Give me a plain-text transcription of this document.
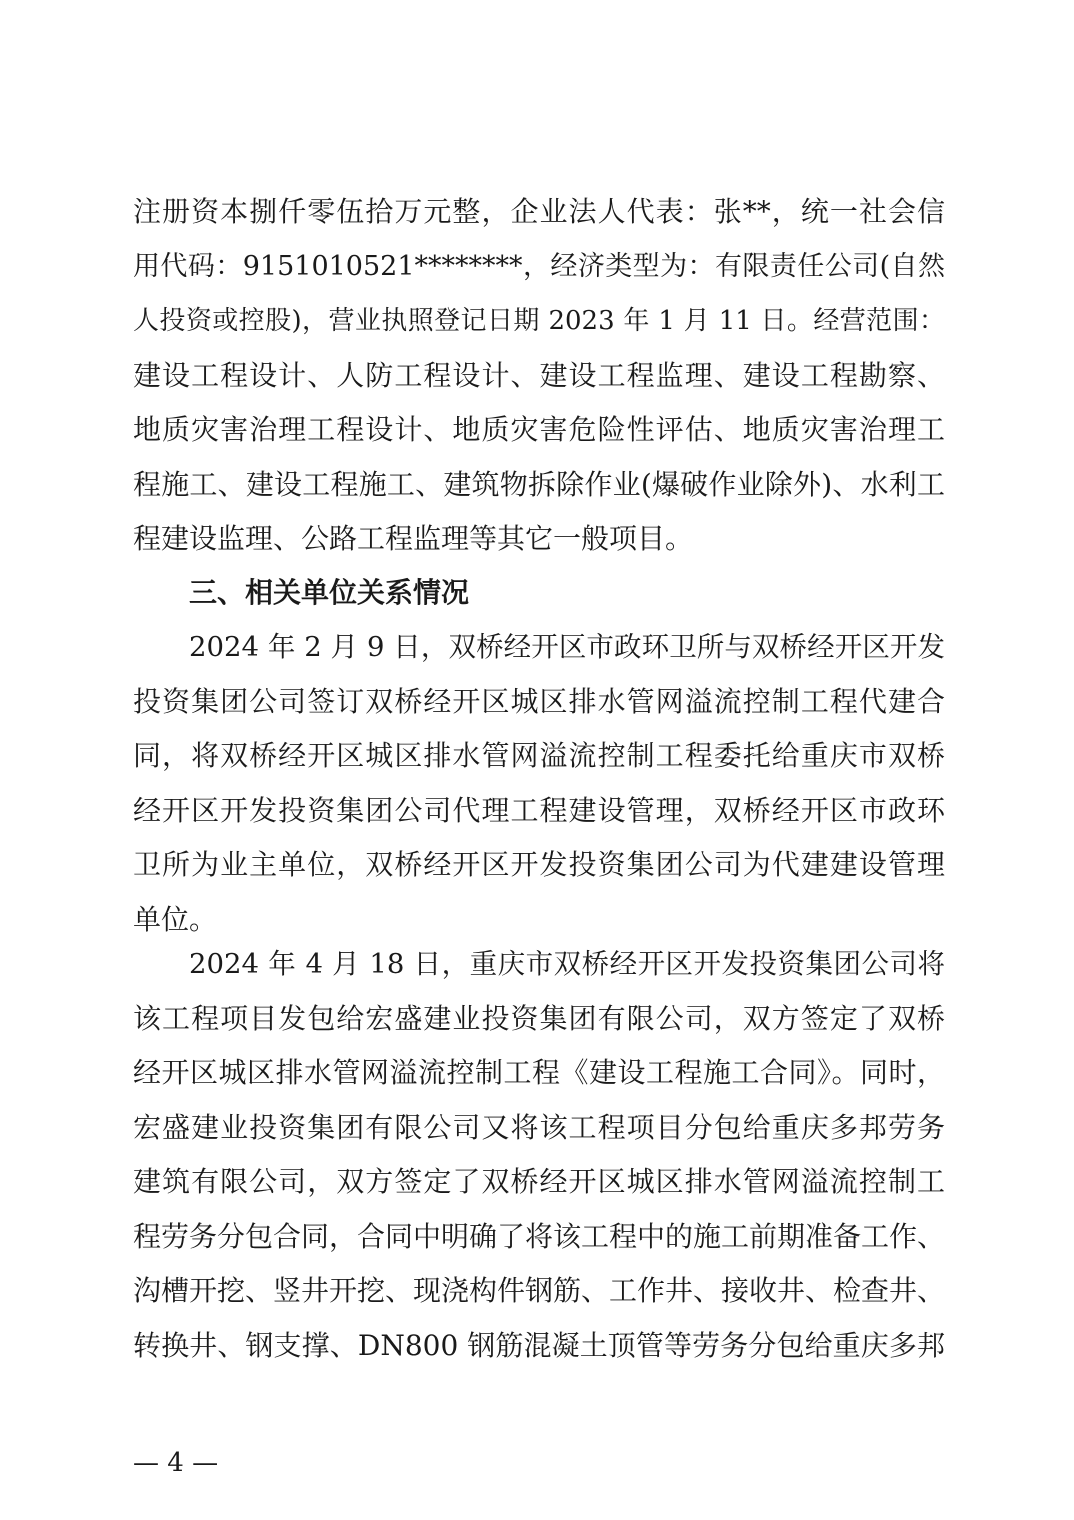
注册资本捌仟零伍拾万元整，企业法人代表：张**，统一社会信
用代码：9151010521********，经济类型为：有限责任公司(自然
人投资或控股)，营业执照登记日期 2023 年 1 月 11 日。经营范围：
建设工程设计、人防工程设计、建设工程监理、建设工程勘察、
地质灾害治理工程设计、地质灾害危险性评估、地质灾害治理工
程施工、建设工程施工、建筑物拆除作业(爆破作业除外)、水利工
程建设监理、公路工程监理等其它一般项目。
三、相关单位关系情况
2024 年 2 月 9 日，双桥经开区市政环卫所与双桥经开区开发
投资集团公司签订双桥经开区城区排水管网溢流控制工程代建合
同，将双桥经开区城区排水管网溢流控制工程委托给重庆市双桥
经开区开发投资集团公司代理工程建设管理，双桥经开区市政环
卫所为业主单位，双桥经开区开发投资集团公司为代建建设管理
单位。
2024 年 4 月 18 日，重庆市双桥经开区开发投资集团公司将
该工程项目发包给宏盛建业投资集团有限公司，双方签定了双桥
经开区城区排水管网溢流控制工程《建设工程施工合同》。同时，
宏盛建业投资集团有限公司又将该工程项目分包给重庆多邦劳务
建筑有限公司，双方签定了双桥经开区城区排水管网溢流控制工
程劳务分包合同，合同中明确了将该工程中的施工前期准备工作、
沟槽开挖、竖井开挖、现浇构件钢筋、工作井、接收井、检查井、
转换井、钢支撑、DN800 钢筋混凝土顶管等劳务分包给重庆多邦
— 4 —
